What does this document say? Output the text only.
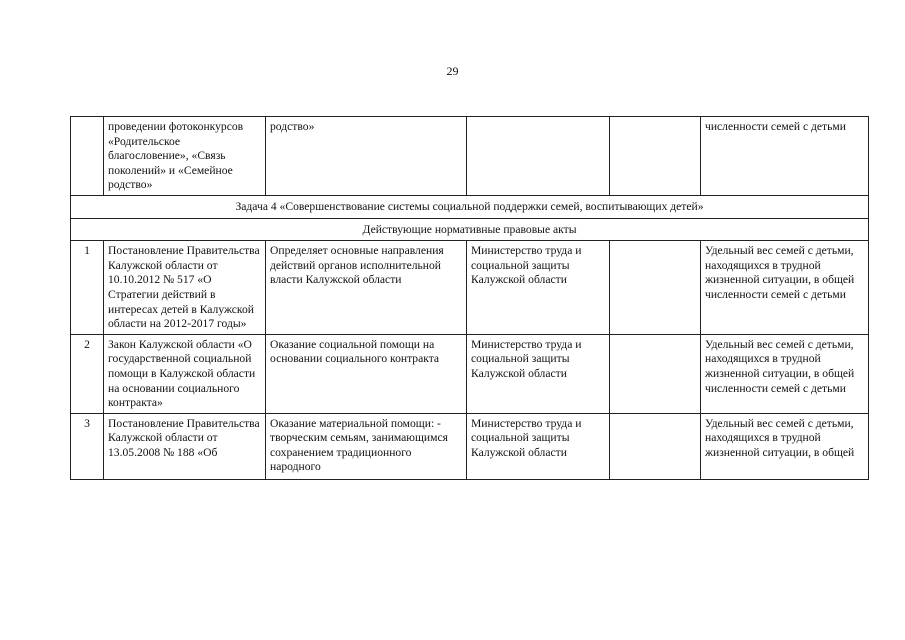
29
	проведении фотоконкурсов «Родительское благословение», «Связь поколений» и «Семейное родство»	родство»			численности семей с детьми
Задача 4 «Совершенствование системы социальной поддержки семей, воспитывающих детей»					
Действующие нормативные правовые акты					
1	Постановление Правительства Калужской области от 10.10.2012 № 517 «О Стратегии действий в интересах детей в Калужской области на 2012-2017 годы»	Определяет основные направления действий органов исполнительной власти Калужской области	Министерство труда и социальной защиты Калужской области		Удельный вес семей с детьми, находящихся в трудной жизненной ситуации, в общей численности семей с детьми
2	Закон Калужской области «О государственной социальной помощи в Калужской области на основании социального контракта»	Оказание социальной помощи на основании социального контракта	Министерство труда и социальной защиты Калужской области		Удельный вес семей с детьми, находящихся в трудной жизненной ситуации, в общей численности семей с детьми

3	Постановление Правительства Калужской области от 13.05.2008 № 188 «Об	Оказание материальной помощи: - творческим семьям, занимающимся сохранением традиционного народного	Министерство труда и социальной защиты Калужской области		Удельный вес семей с детьми, находящихся в трудной жизненной ситуации, в общей
